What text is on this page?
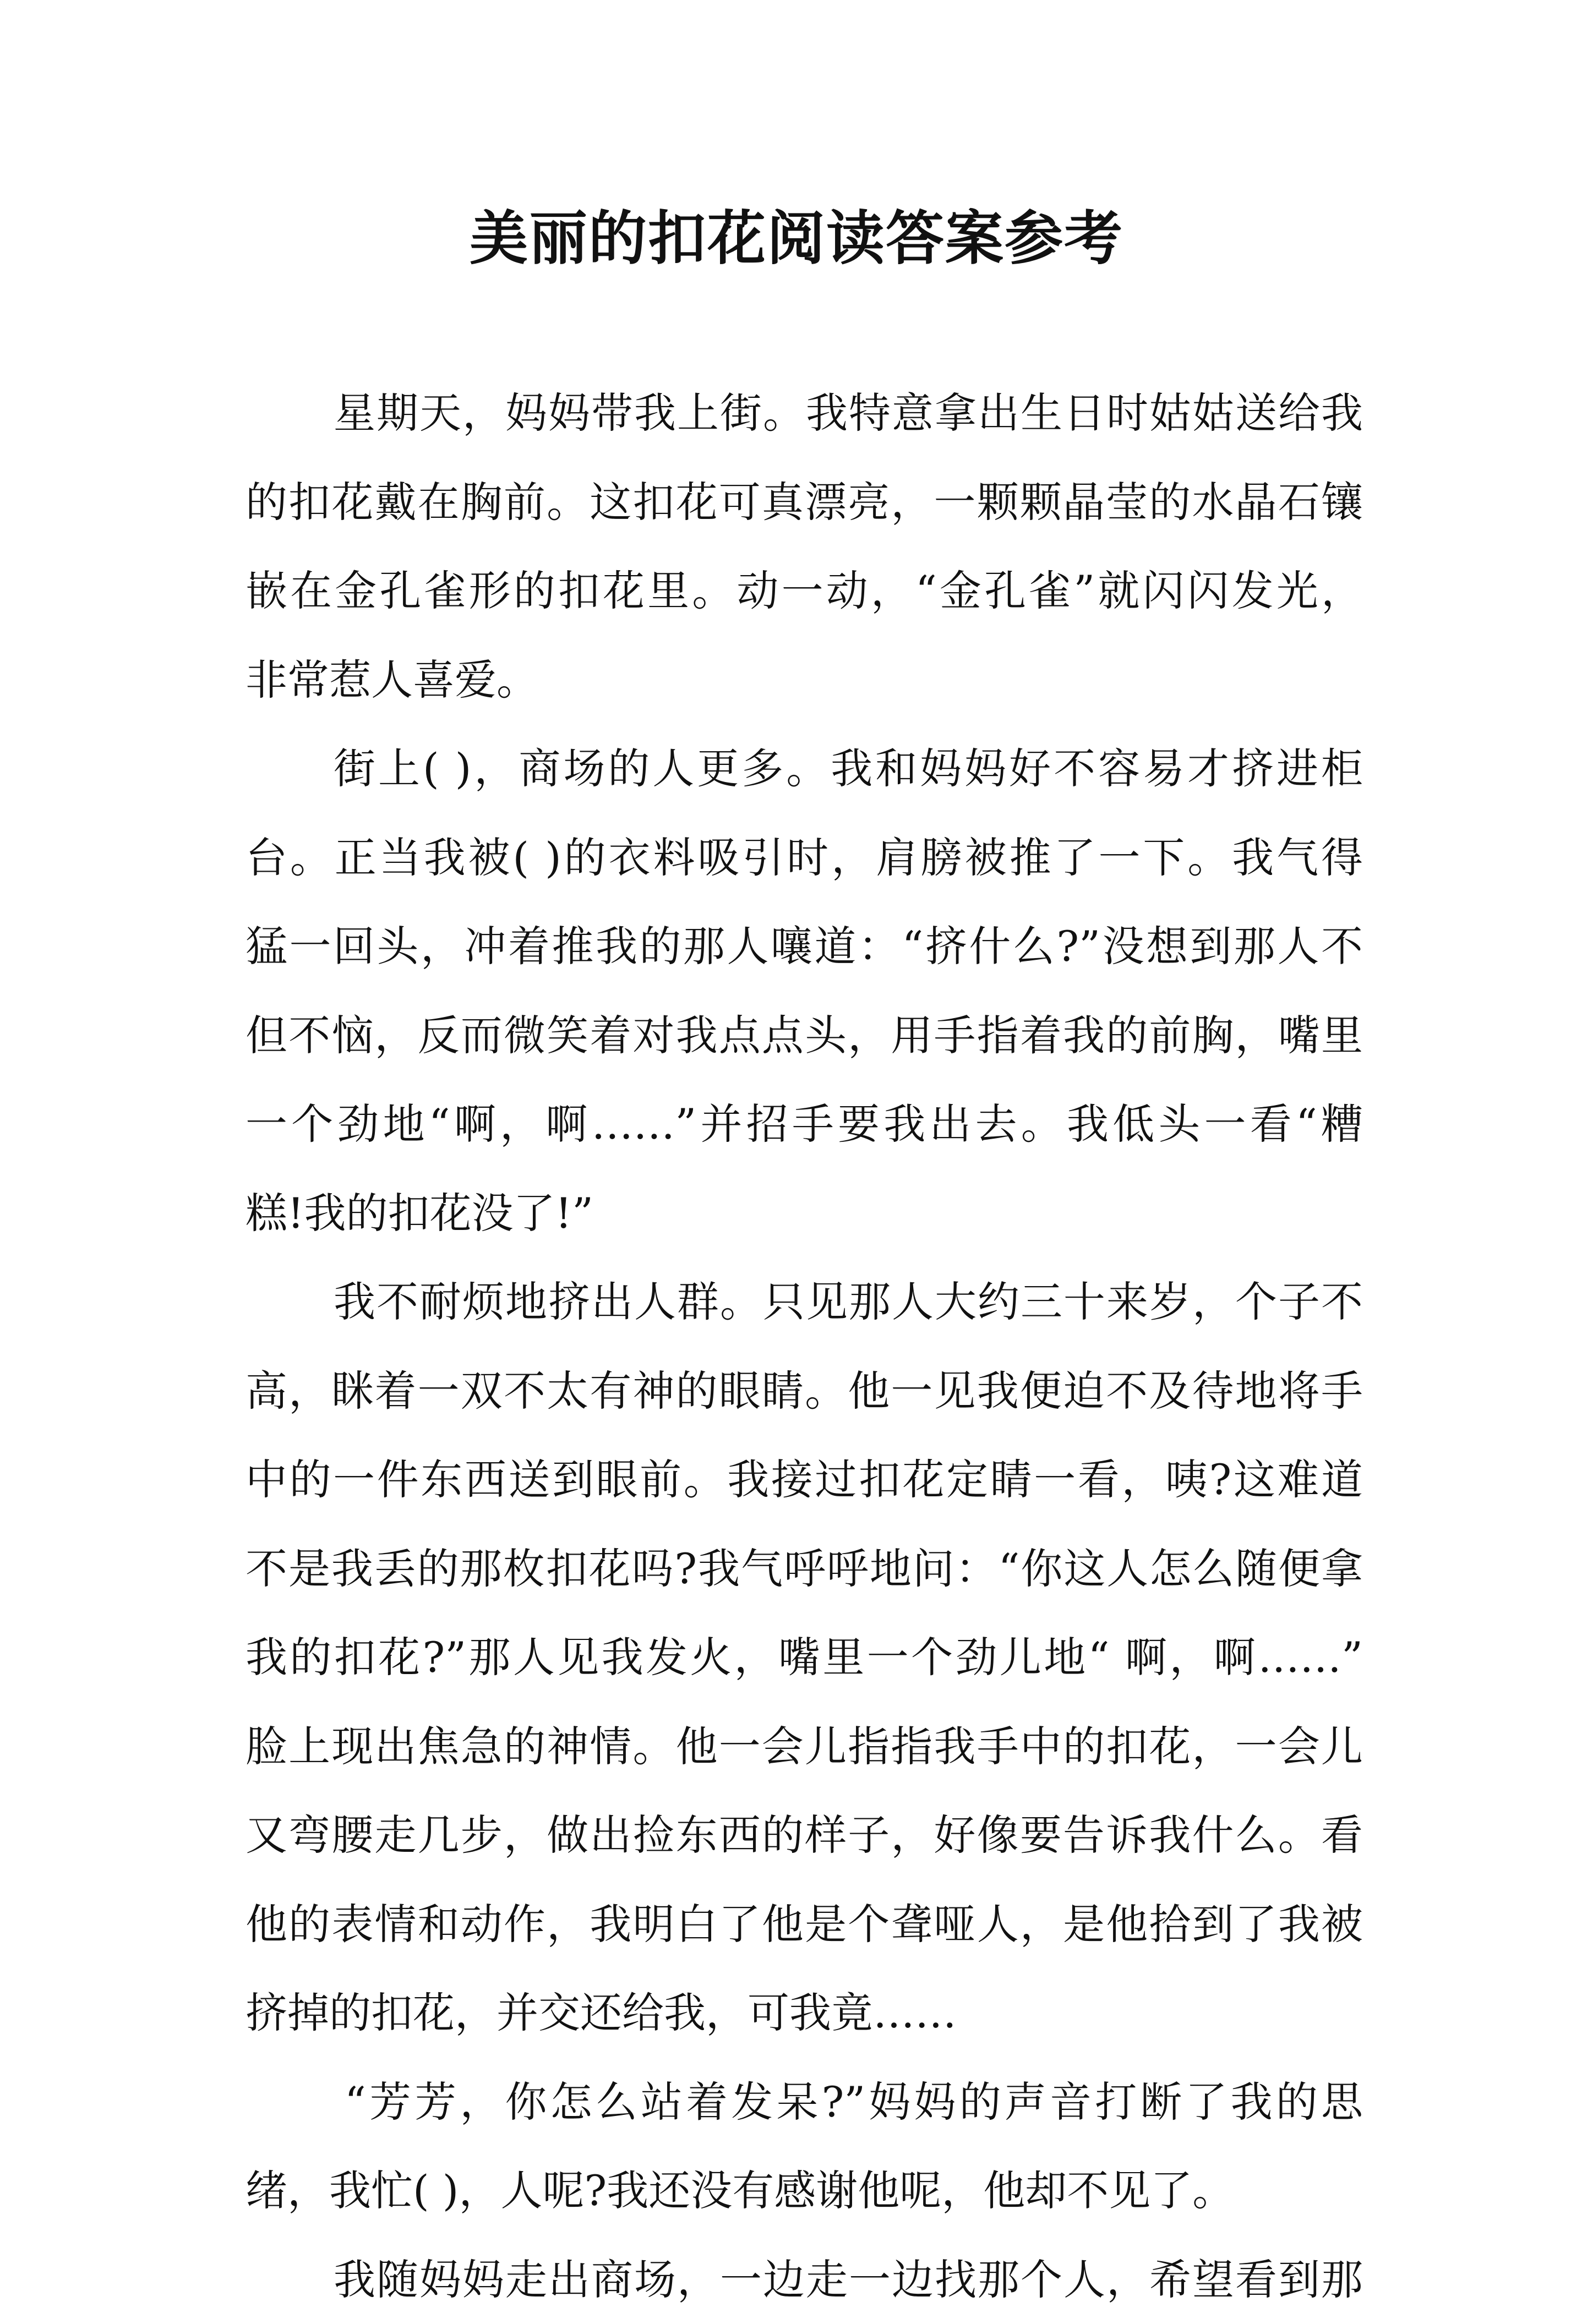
美丽的扣花阅读答案参考
星期天，妈妈带我上街。我特意拿出生日时姑姑送给我
的扣花戴在胸前。这扣花可真漂亮，一颗颗晶莹的水晶石镶
嵌在金孔雀形的扣花里。动一动，“金孔雀”就闪闪发光，
非常惹人喜爱。
街上( )，商场的人更多。我和妈妈好不容易才挤进柜
台。正当我被( )的衣料吸引时，肩膀被推了一下。我气得
猛一回头，冲着推我的那人嚷道：“挤什么?”没想到那人不
但不恼，反而微笑着对我点点头，用手指着我的前胸，嘴里
一个劲地“啊，啊……”并招手要我出去。我低头一看“糟
糕!我的扣花没了!”
我不耐烦地挤出人群。只见那人大约三十来岁，个子不
高，眯着一双不太有神的眼睛。他一见我便迫不及待地将手
中的一件东西送到眼前。我接过扣花定睛一看，咦?这难道
不是我丢的那枚扣花吗?我气呼呼地问：“你这人怎么随便拿
我的扣花?”那人见我发火，嘴里一个劲儿地“ 啊，啊……”
脸上现出焦急的神情。他一会儿指指我手中的扣花，一会儿
又弯腰走几步，做出捡东西的样子，好像要告诉我什么。看
他的表情和动作，我明白了他是个聋哑人，是他拾到了我被
挤掉的扣花，并交还给我，可我竟……
“芳芳，你怎么站着发呆?”妈妈的声音打断了我的思
绪，我忙( )，人呢?我还没有感谢他呢，他却不见了。
我随妈妈走出商场，一边走一边找那个人，希望看到那
